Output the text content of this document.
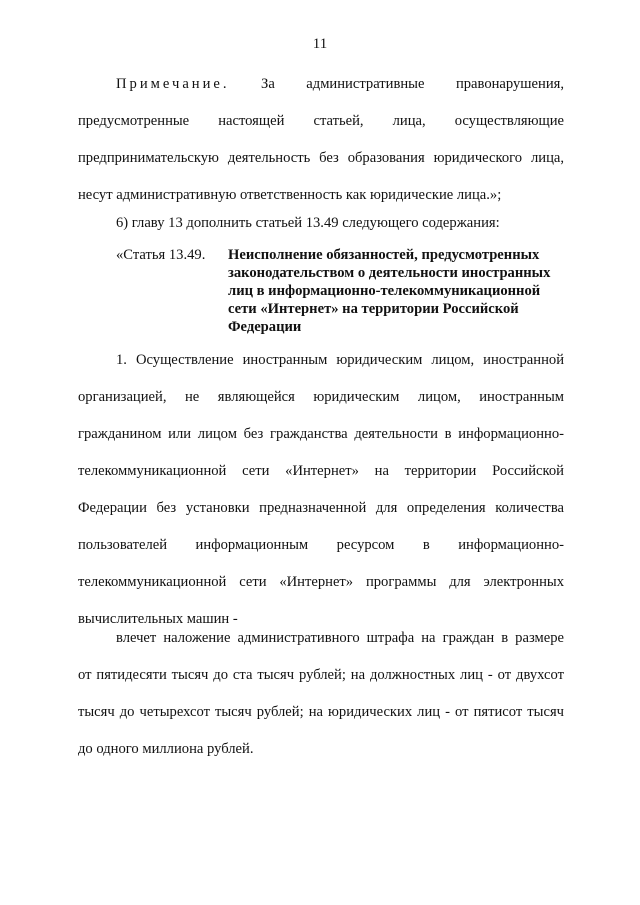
11
Примечание. За административные правонарушения,
предусмотренные настоящей статьей, лица, осуществляющие
предпринимательскую деятельность без образования юридического лица,
несут административную ответственность как юридические лица.»;
6) главу 13 дополнить статьей 13.49 следующего содержания:
«Статья 13.49. Неисполнение обязанностей, предусмотренных
законодательством о деятельности иностранных
лиц в информационно-телекоммуникационной
сети «Интернет» на территории Российской
Федерации
1. Осуществление иностранным юридическим лицом, иностранной
организацией, не являющейся юридическим лицом, иностранным
гражданином или лицом без гражданства деятельности в информационно-
телекоммуникационной сети «Интернет» на территории Российской
Федерации без установки предназначенной для определения количества
пользователей информационным ресурсом в информационно-
телекоммуникационной сети «Интернет» программы для электронных
вычислительных машин -
влечет наложение административного штрафа на граждан в размере
от пятидесяти тысяч до ста тысяч рублей; на должностных лиц - от двухсот
тысяч до четырехсот тысяч рублей; на юридических лиц - от пятисот тысяч
до одного миллиона рублей.
